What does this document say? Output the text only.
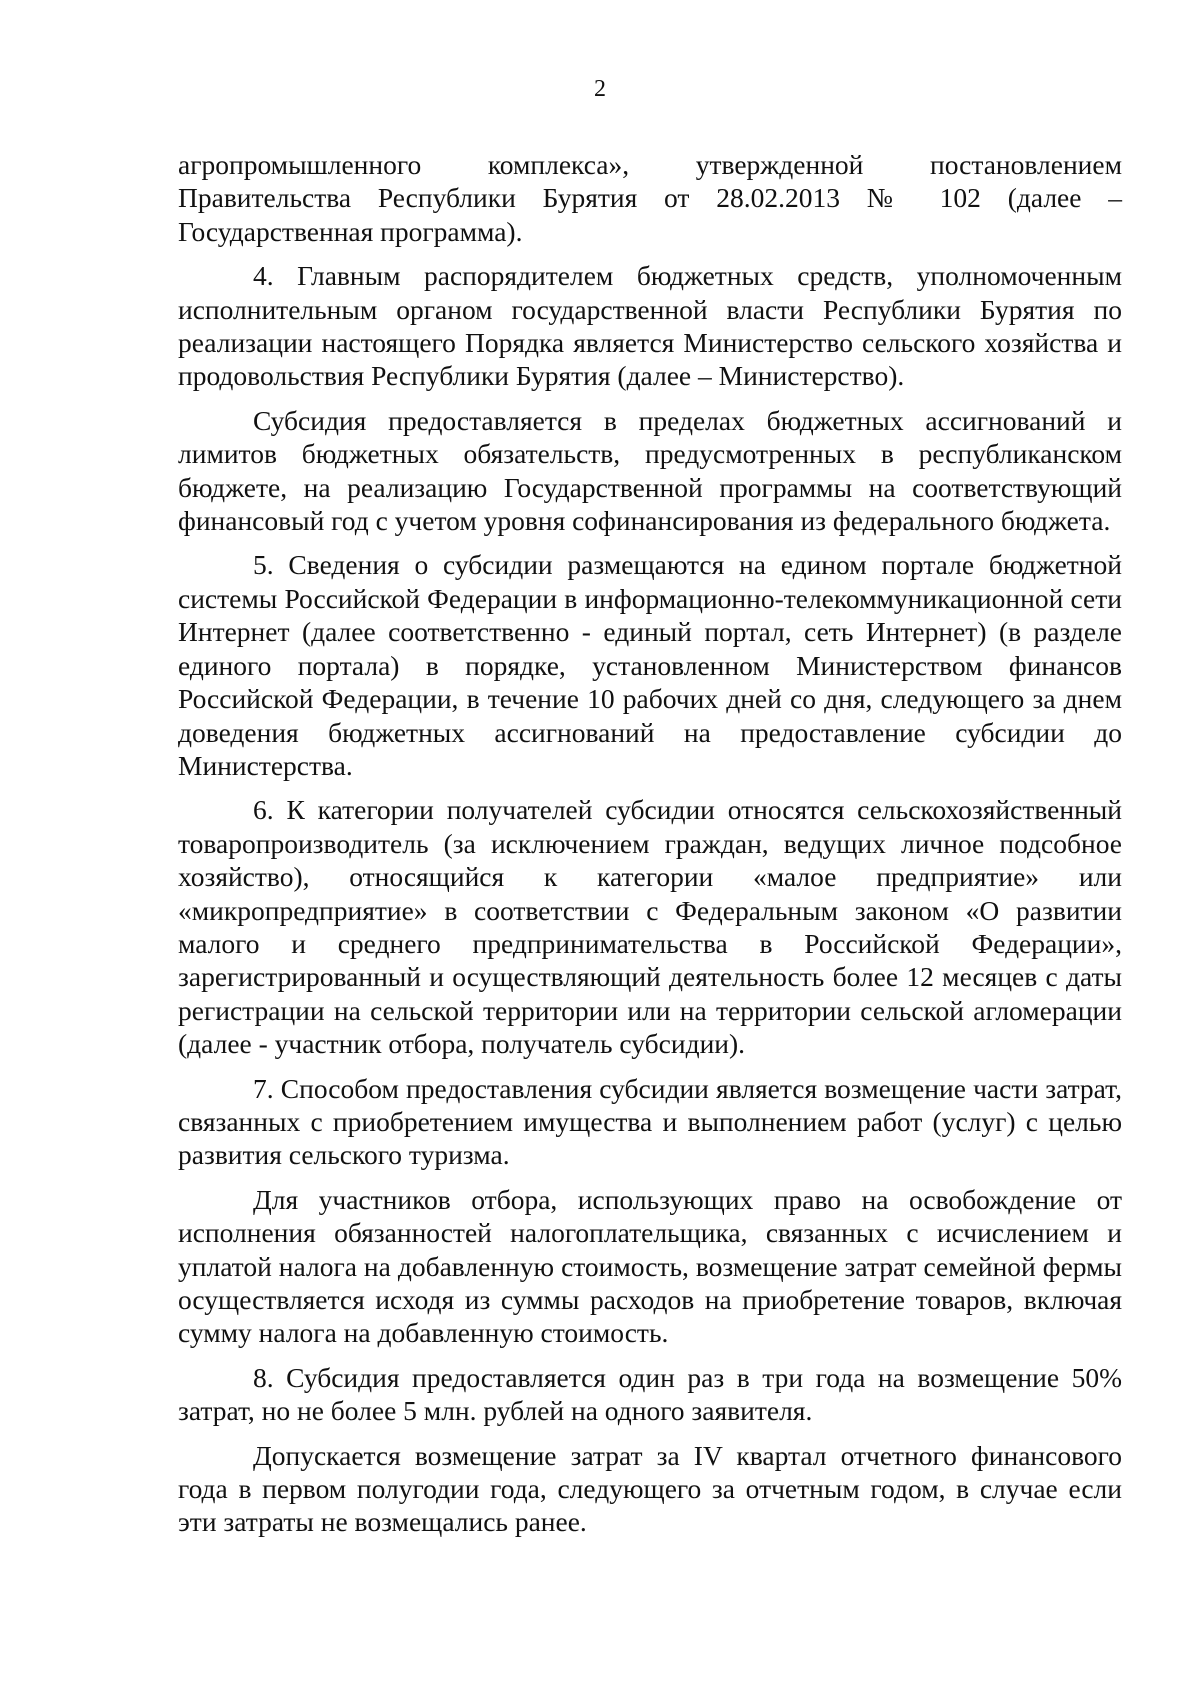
2

агропромышленного комплекса», утвержденной постановлением Правительства Республики Бурятия от 28.02.2013 № 102 (далее – Государственная программа).

4. Главным распорядителем бюджетных средств, уполномоченным исполнительным органом государственной власти Республики Бурятия по реализации настоящего Порядка является Министерство сельского хозяйства и продовольствия Республики Бурятия (далее – Министерство).

Субсидия предоставляется в пределах бюджетных ассигнований и лимитов бюджетных обязательств, предусмотренных в республиканском бюджете, на реализацию Государственной программы на соответствующий финансовый год с учетом уровня софинансирования из федерального бюджета.

5. Сведения о субсидии размещаются на едином портале бюджетной системы Российской Федерации в информационно-телекоммуникационной сети Интернет (далее соответственно - единый портал, сеть Интернет) (в разделе единого портала) в порядке, установленном Министерством финансов Российской Федерации, в течение 10 рабочих дней со дня, следующего за днем доведения бюджетных ассигнований на предоставление субсидии до Министерства.

6. К категории получателей субсидии относятся сельскохозяйственный товаропроизводитель (за исключением граждан, ведущих личное подсобное хозяйство), относящийся к категории «малое предприятие» или «микропредприятие» в соответствии с Федеральным законом «О развитии малого и среднего предпринимательства в Российской Федерации», зарегистрированный и осуществляющий деятельность более 12 месяцев с даты регистрации на сельской территории или на территории сельской агломерации (далее - участник отбора, получатель субсидии).

7. Способом предоставления субсидии является возмещение части затрат, связанных с приобретением имущества и выполнением работ (услуг) с целью развития сельского туризма.

Для участников отбора, использующих право на освобождение от исполнения обязанностей налогоплательщика, связанных с исчислением и уплатой налога на добавленную стоимость, возмещение затрат семейной фермы осуществляется исходя из суммы расходов на приобретение товаров, включая сумму налога на добавленную стоимость.

8. Субсидия предоставляется один раз в три года на возмещение 50% затрат, но не более 5 млн. рублей на одного заявителя.

Допускается возмещение затрат за IV квартал отчетного финансового года в первом полугодии года, следующего за отчетным годом, в случае если эти затраты не возмещались ранее.
